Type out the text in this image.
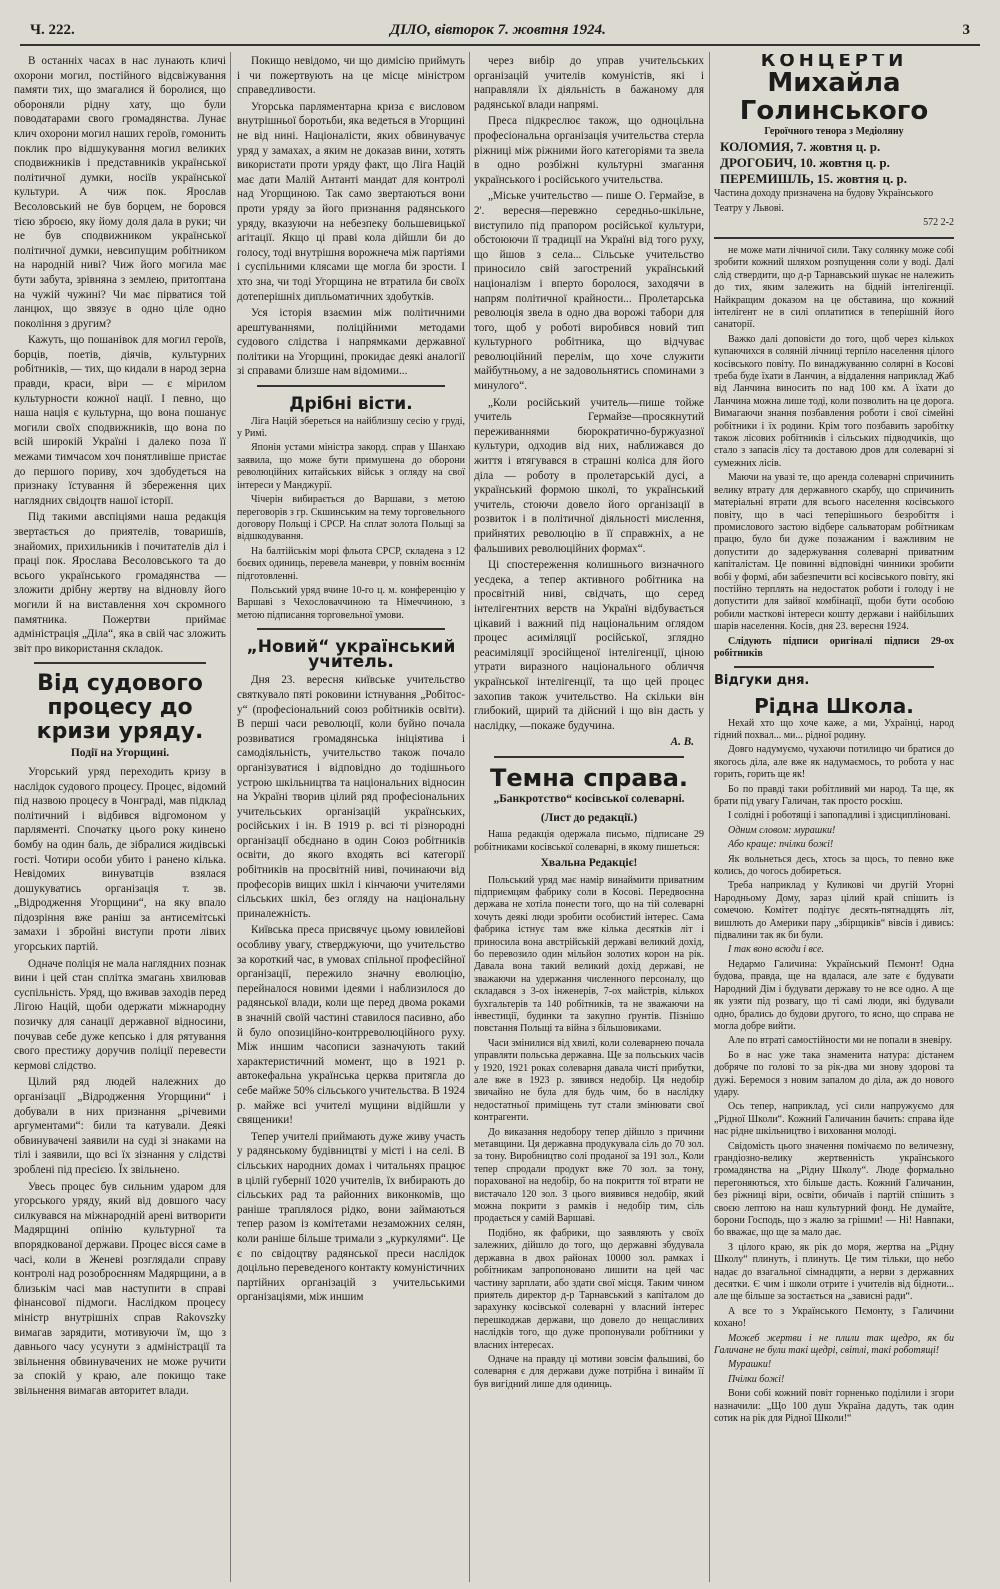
Ч. 222.	ДІЛО, вівторок 7. жовтня 1924.	3

В останніх часах в нас лунають кличі охорони могил, постійного відсвіжування памяти тих, що змагалися й боролися, що обороняли рідну хату, що були поводатарами свого громадянства. Лунає клич охорони могил наших героїв, гомонить поклик про відшукування могил великих сподвижників і представників української політичної думки, носіїв української культури. А чиж пок. Ярослав Весоловський не був борцем, не боровся тією зброєю, яку йому доля дала в руки; чи не був сподвижником української політичної думки, невсипущим робітником на народній ниві? Чиж його могила має бути забута, зрівняна з землею, притоптана на чужій чужині? Чи має пірватися той ланцюх, що звязує в одно ціле одно покоління з другим?

Кажуть, що пошанівок для могил героїв, борців, поетів, діячів, культурних робітників, — тих, що кидали в народ зерна правди, краси, віри — є мірилом культурности кожної нації. І певно, що наша нація є культурна, що вона пошанує могили своїх сподвижників, що вона по всій широкій Україні і далеко поза її межами тимчасом хоч понятливіше пристає до першого пориву, хоч здобудеться на признаку їстування й збереження цих наглядних свідоцтв нашої історії.

Під такими авспіціями наша редакція звертається до приятелів, товаришів, знайомих, прихильників і почитателів діл і праці пок. Ярослава Весоловського та до всього українського громадянства — зложити дрібну жертву на відновлу його могили й на виставлення хоч скромного памятника. Пожертви приймає адміністрація „Діла“, яка в свій час зложить звіт про використання складок.

Від судового процесу до кризи уряду.
Події на Угорщині.

Угорський уряд переходить кризу в наслідок судового процесу. Процес, відомий під назвою процесу в Чонграді, мав підклад політичний і відбився відгомоном у парляменті. Спочатку цього року кинено бомбу на один баль, де зібралися жидівські гості. Чотири особи убито і ранено кілька. Невідомих винуватців взялася дошукуватись організація т. зв. „Відродження Угорщини“, на яку впало підозріння вже раніш за антисемітські замахи і збройні виступи проти лівих угорських партій.

Одначе поліція не мала наглядних познак вини і цей стан сплітка змагань хвилював суспільність. Уряд, що вживав заходів перед Лігою Націй, щоби одержати міжнародну позичку для санації державної відносини, почував себе дуже кепсько і для рятування свого престижу доручив поліції перевести кермові слідство.

Цілий ряд людей належних до організації „Відродження Угорщини“ і добували в них признання „річевими аргументами“: били та катували. Деякі обвинувачені заявили на суді зі знаками на тілі і заявили, що всі їх зізнання у слідстві зроблені під пресією. Їх звільнено.

Увесь процес був сильним ударом для угорського уряду, який від довшого часу силкувався на міжнародній арені витворити Мадярщині опінію культурної та впорядкованої держави. Процес вісся саме в часі, коли в Женеві розглядали справу контролі над розоброєнням Мадярщини, а в близькім часі мав наступити в справі фінансової підмоги. Наслідком процесу міністр внутрішніх справ Rakovszky вимагав зарядити, мотивуючи їм, що з давнього часу усунути з адміністрації та звільнення обвинувачених не може ручити за спокій у краю, але покищо таке звільнення вимагав авторитет влади.

Покищо невідомо, чи що димісію приймуть і чи пожертвують на це місце міністром справедливости.

Угорська парляментарна криза є висловом внутрішньої боротьби, яка ведеться в Угорщині не від нині. Націоналісти, яких обвинувачує уряд у замахах, а яким не доказав вини, хотять використати проти уряду факт, що Ліга Націй має дати Малій Антанті мандат для контролі над Угорщиною. Так само звертаються вони проти уряду за його признання радянського уряду, вказуючи на небезпеку большевицької агітації. Якщо ці праві кола дійшли би до голосу, тоді внутрішня ворожнеча між партіями і суспільними клясами ще могла би зрости. І хто зна, чи тоді Угорщина не втратила би своїх дотеперішніх дипльоматичних здобутків.

Уся історія взаємин між політичними арештуваннями, поліційними методами судового слідства і напрямками державної політики на Угорщині, прокидає деякі аналогії зі справами близше нам відомими...

Дрібні вісти.

Ліга Націй збереться на найблизшу сесію у груді, у Римі.

Японія устами міністра закорд. справ у Шанхаю заявила, що може бути примушена до оборони революційних китайських військ з огляду на свої інтереси у Манджурії.

Чічерін вибирається до Варшави, з метою переговорів з гр. Скшинським на тему торговельного договору Польщі і СРСР. На сплат золота Польщі за відшкодування.

На балтійськім морі фльота СРСР, складена з 12 боєвих одиниць, перевела маневри, у повнім воєннім підготовленні.

Польський уряд вчине 10-го ц. м. конференцію у Варшаві з Чехословаччиною та Німеччиною, з метою підписання торговельної умови.

„Новий“ український учитель.

Дня 23. вересня київське учительство святкувало пяті роковини істнування „Робітос-у“ (професіональний союз робітників освіти). В перші часи революції, коли буйно почала розвиватися громадянська ініціятива і самодіяльність, учительство також почало організуватися і відповідно до тодішнього устрою шкільництва та національних відносин на Україні творив цілий ряд професіональних учительських організацій українських, російських і ін. В 1919 р. всі ті різнородні організації обєднано в один Союз робітників освіти, до якого входять всі категорії робітників на просвітній ниві, починаючи від професорів вищих шкіл і кінчаючи учителями сільських шкіл, без огляду на національну приналежність.

Київська преса присвячує цьому ювилейові особливу увагу, стверджуючи, що учительство за короткий час, в умовах спільної професійної організації, пережило значну еволюцію, перейналося новими ідеями і наблизилося до радянської влади, коли ще перед двома роками в значній своїй частині ставилося пасивно, або й було опозиційно-контрреволюційного руху. Між иншим часописи зазначують такий характеристичний момент, що в 1921 р. автокефальна українська церква притягла до себе майже 50% сільського учительства. В 1924 р. майже всі учителі мущини відійшли у священики!

Тепер учителі приймають дуже живу участь у радянському будівництві у місті і на селі. В сільських народних домах і читальнях працює в цілій губернії 1020 учителів, їх вибирають до сільських рад та районних виконкомів, що раніше траплялося рідко, вони займаються тепер разом із комітетами незаможних селян, коли раніше більше тримали з „куркулями“. Це є по свідоцтву радянської преси наслідок доцільно переведеного контакту комуністичних партійних організацій з учительськими організаціями, між иншим

через вибір до управ учительських організацій учителів комуністів, які і направляли їх діяльність в бажаному для радянської влади напрямі.

Преса підкреслює також, що одноцільна професіональна організація учительства стерла ріжниці між ріжними його категоріями та звела в одно розбіжні культурні змагання українського і російського учительства.

„Міське учительство — пише О. Гермайзе, в 2'. вересня—перевжно середньо-шкільне, виступило під прапором російської культури, обстоюючи її традиції на Україні від того руху, що йшов з села... Сільське учительство приносило свій загострений український націоналізм і вперто боролося, заходячи в напрям політичної крайности... Пролетарська революція звела в одно два ворожі табори для того, щоб у роботі виробився новий тип культурного робітника, що відчуває революційний перелім, що хоче служити майбутньому, а не задовольнятись споминами з минулого“.

„Коли російський учитель—пише тойже учитель Гермайзе—просякнутий переживаннями бюрократично-буржуазної культури, одходив від них, наближався до життя і втягувався в страшні коліса для його діла — роботу в пролетарській дусі, а український формою школі, то український учитель, стоючи довело його організації в розвиток і в політичної діяльності мислення, прийнятих революцію в її справжніх, а не фальшивих революційних формах“.

Ці спостереження колишнього визначного уесдека, а тепер активного робітника на просвітній ниві, свідчать, що серед інтелігентних верств на Україні відбувається цікавий і важний під національним оглядом процес асиміляції російської, зглядно реасиміляції зросійщеної інтелігенції, ціною утрати виразного національного обличчя української інтелігенції, та що цей процес захопив також учительство. На скільки він глибокий, щирий та дійсний і що він дасть у наслідку, —покаже будучина.

А. В.
Темна справа.
„Банкротство“ косівської солеварні.
(Лист до редакції.)

Наша редакція одержала письмо, підписане 29 робітниками косівської солеварні, в якому пишеться:

Хвальна Редакціє!

Польський уряд має намір винаймити приватним підприємцям фабрику соли в Косові. Передвоєнна держава не хотіла понести того, що на тій солеварні хочуть деякі люди зробити особистий інтерес. Сама фабрика істнує там вже кілька десятків літ і приносила вона австрійській державі великий дохід, бо перевозило один мільйон золотих корон на рік. Давала вона такий великий дохід державі, не зважаючи на удержання численного персоналу, що складався з 3-ох інженерів, 7-ох майстрів, кількох бухгальтерів та 140 робітників, та не зважаючи на інвестиції, будинки та закупно ґрунтів. Пізнішо повстання Польщі та війна з більшовиками.

Часи змінилися від хвилі, коли солеварнею почала управляти польська державна. Ще за польських часів у 1920, 1921 роках солеварня давала чисті прибутки, але вже в 1923 р. зявився недобір. Ця недобір звичайно не була для будь чим, бо в наслідку недостатньої приміщень тут стали змінювати свої контрагенти.

До виказання недобору тепер дійшло з причини метавщини. Ця державна продукувала сіль до 70 зол. за тону. Виробництво солі проданої за 191 зол., Коли тепер спродали продукт вже 70 зол. за тону, порахованої на недобір, бо на покриття тої втрати не вистачало 120 зол. З цього виявився недобір, який можна покрити з рамків і недобір тим, сіль продається у самій Варшаві.

Подібно, як фабрики, що заявляють у своїх залежних, дійшло до того, що державні збудувала державна в двох районах 10000 зол. рамках і робітникам запропоновано лишити на цей час частину зарплати, або здати свої місця. Таким чином приятель директор д-р Тарнавський з капіталом до зарахунку косівської солеварні у власний інтерес перешкоджав держави, що довело до нещасливих наслідків того, що дуже пропонували робітники у власних інтересах.

Одначе на правду ці мотиви зовсім фальшиві, бо солеварня є для держави дуже потрібна і винайм її був вигідний лише для одиниць.

КОНЦЕРТИ
Михайла Голинського
Героїчного тенора з Медіоляну
КОЛОМИЯ, 7. жовтня ц. р.
ДРОГОБИЧ, 10. жовтня ц. р.
ПЕРЕМИШЛЬ, 15. жовтня ц. р.
Частина доходу призначена на будову Українського Театру у Львові.
572 2-2

не може мати лічничої сили. Таку солянку може собі зробити кожний шляхом розпущення соли у воді. Далі слід ствердити, що д-р Тарнавський шукає не належить до тих, яким залежить на бідній інтелігенції. Найкращим доказом на це обставина, що кожний інтелігент не в силі оплатитися в теперішній його санаторії.

Важко далі доповісти до того, щоб через кількох купаючихся в соляній лічниці терпіло населення цілого косівського повіту. По винаджуванню солярні в Косові треба буде їхати в Ланчин, а віддалення наприклад Жаб від Ланчина виносить по над 100 км. А їхати до Ланчина можна лише тоді, коли позволить на це дорога. Вимагаючи знання позбавлення роботи і свої сімейні робітники і їх родини. Крім того позбавить заробітку також лісових робітників і сільських підводчиків, що стало з запасів лісу та доставою дров для солеварні зі сумежних лісів.

Маючи на увазі те, що аренда солеварні спричинить велику втрату для державного скарбу, що спричинить матеріальні втрати для всього населення косівського повіту, що в часі теперішнього безробіття і промислового застою відбере сальваторам робітникам працю, було би дуже позажаним і важливим не допустити до задержування солеварні приватним капіталістам. Це повинні відповідні чинники зробити вобі у формі, аби забезпечити всі косівського повіту, які постійно терплять на недостаток роботи і голоду і не допустити для зайвої комбінації, щоби бути особою робили масткові інтереси кошту держави і найбільших шарів населення. Косів, дня 23. вересня 1924.

Слідують підписи оригіналі підписи 29-ох робітників

Відгуки дня.
Рідна Школа.

Нехай хто що хоче каже, а ми, Ухраїнці, народ гідний похвал... ми... рідної родину.

Довго надумуємо, чухаючи потилицю чи братися до якогось діла, але вже як надумаємось, то робота у нас горить, горить ще як!

Бо по правді таки робітливий ми народ. Та ще, як брати під увагу Галичан, так просто роскіш.

І солідні і роботящі і запопадливі і здисципліновані.

Одним словом: мурашки!

Або краще: пчілки божі!

Як вольнеться десь, хтось за щось, то певно вже колись, до чогось добиреться.

Треба наприклад у Куликові чи другій Угорні Народньому Дому, зараз цілий край спішить із сомечою. Комітет подітує десять-пятнадцять літ, вишлють до Америки пару „збірщиків“ вівсів і дивись: підвалини так як би були.

І так воно всюди і все.

Недармо Галичина: Український Пємонт! Одна будова, правда, ще на вдалася, але зате є будувати Народний Дім і будувати державу то не все одно. А ще як узяти під розвагу, що ті самі люди, які будували одно, брались до будови другого, то ясно, що справа не могла добре вийти.

Але по втраті самостійности ми не попали в зневіру.

Бо в нас уже така знаменита натура: дістанем добряче по голові то за рік-два ми знову здорові та дужі. Беремося з новим запалом до діла, аж до нового удару.

Ось тепер, наприклад, усі сили напружуємо для „Рідної Школи“. Кожний Галичанин бачить: справа йде нас рідне шкільництво і виховання молоді.

Свідомість цього значення помічаємо по величезну, грандіозно-велику жертвенність українського громадянства на „Рідну Школу“. Люде формально перегоняються, хто більше дасть. Кожний Галичанин, без ріжниці віри, освіти, обичаїв і партій спішить з своєю лептою на наш культурний фонд. Не думайте, борони Господь, що з жалю за грішми! — Ні! Навпаки, бо вважає, що ще за мало дає.

З цілого краю, як рік до моря, жертва на „Рідну Школу“ плинуть, і плинуть. Це тим тільки, що небо надає до взагальної сімнадцяти, а нерви з державних десятки. Є чим і школи отрите і учителів від бідноти... але ще більше за зостається на „зависні ради“.

А все то з Українського Пємонту, з Галичини кохано!

Можеб жертви і не плили так щедро, як би Галичане не були такі щедрі, світлі, такі роботящі!

Мурашки!

Пчілки божі!

Вони собі кожний повіт горненько поділили і згори назначили: „Що 100 душ Україна дадуть, так один сотик на рік для Рідної Школи!“
